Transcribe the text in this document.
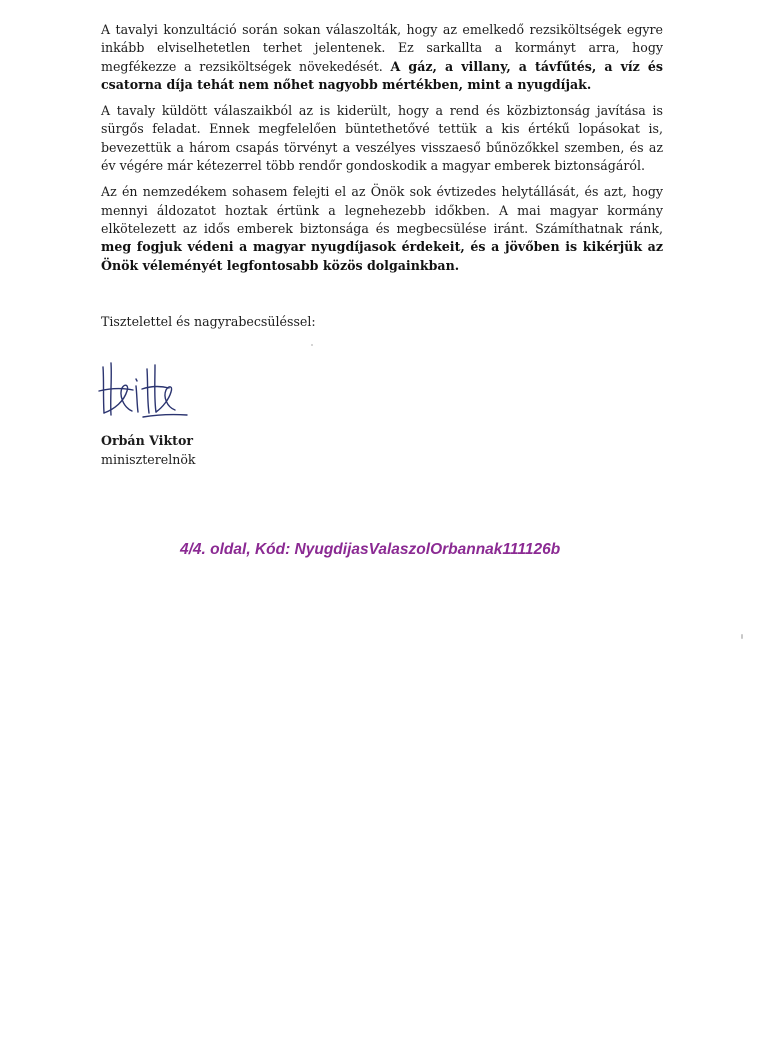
A tavalyi konzultáció során sokan válaszolták, hogy az emelkedő rezsiköltségek egyre inkább elviselhetetlen terhet jelentenek. Ez sarkallta a kormányt arra, hogy megfékezze a rezsiköltségek növekedését. A gáz, a villany, a távfűtés, a víz és csatorna díja tehát nem nőhet nagyobb mértékben, mint a nyugdíjak.

A tavaly küldött válaszaikból az is kiderült, hogy a rend és közbiztonság javítása is sürgős feladat. Ennek megfelelően büntethetővé tettük a kis értékű lopásokat is, bevezettük a három csapás törvényt a veszélyes visszaeső bűnözőkkel szemben, és az év végére már kétezerrel több rendőr gondoskodik a magyar emberek biztonságáról.

Az én nemzedékem sohasem felejti el az Önök sok évtizedes helytállását, és azt, hogy mennyi áldozatot hoztak értünk a legnehezebb időkben. A mai magyar kormány elkötelezett az idős emberek biztonsága és megbecsülése iránt. Számíthatnak ránk, meg fogjuk védeni a magyar nyugdíjasok érdekeit, és a jövőben is kikérjük az Önök véleményét legfontosabb közös dolgainkban.

Tisztelettel és nagyrabecsüléssel:
Orbán Viktor
miniszterelnök
4/4. oldal, Kód: NyugdijasValaszolOrbannak111126b
